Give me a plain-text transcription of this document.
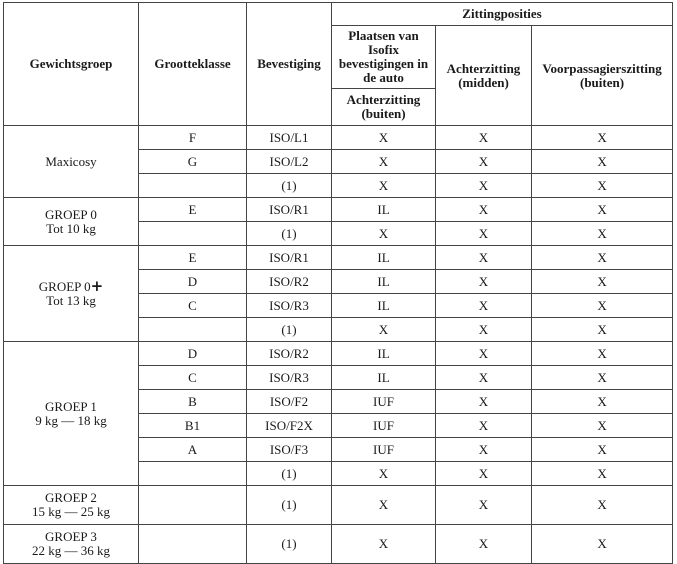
Gewichtsgroep	Grootteklasse	Bevestiging	Zittingposities		
			Plaatsen van Isofix bevestigingen in de auto	Achterzitting (midden)	Voorpassagierszitting (buiten)
			Achterzitting (buiten)		
Maxicosy	F	ISO/L1	X	X	X
	G	ISO/L2	X	X	X
		(1)	X	X	X
GROEP 0
Tot 10 kg	E	ISO/R1	IL	X	X
		(1)	X	X	X
GROEP 0+
Tot 13 kg	E	ISO/R1	IL	X	X
	D	ISO/R2	IL	X	X
	C	ISO/R3	IL	X	X
		(1)	X	X	X
GROEP 1
9 kg — 18 kg	D	ISO/R2	IL	X	X
	C	ISO/R3	IL	X	X
	B	ISO/F2	IUF	X	X
	B1	ISO/F2X	IUF	X	X
	A	ISO/F3	IUF	X	X
		(1)	X	X	X
GROEP 2
15 kg — 25 kg		(1)	X	X	X
GROEP 3
22 kg — 36 kg		(1)	X	X	X
